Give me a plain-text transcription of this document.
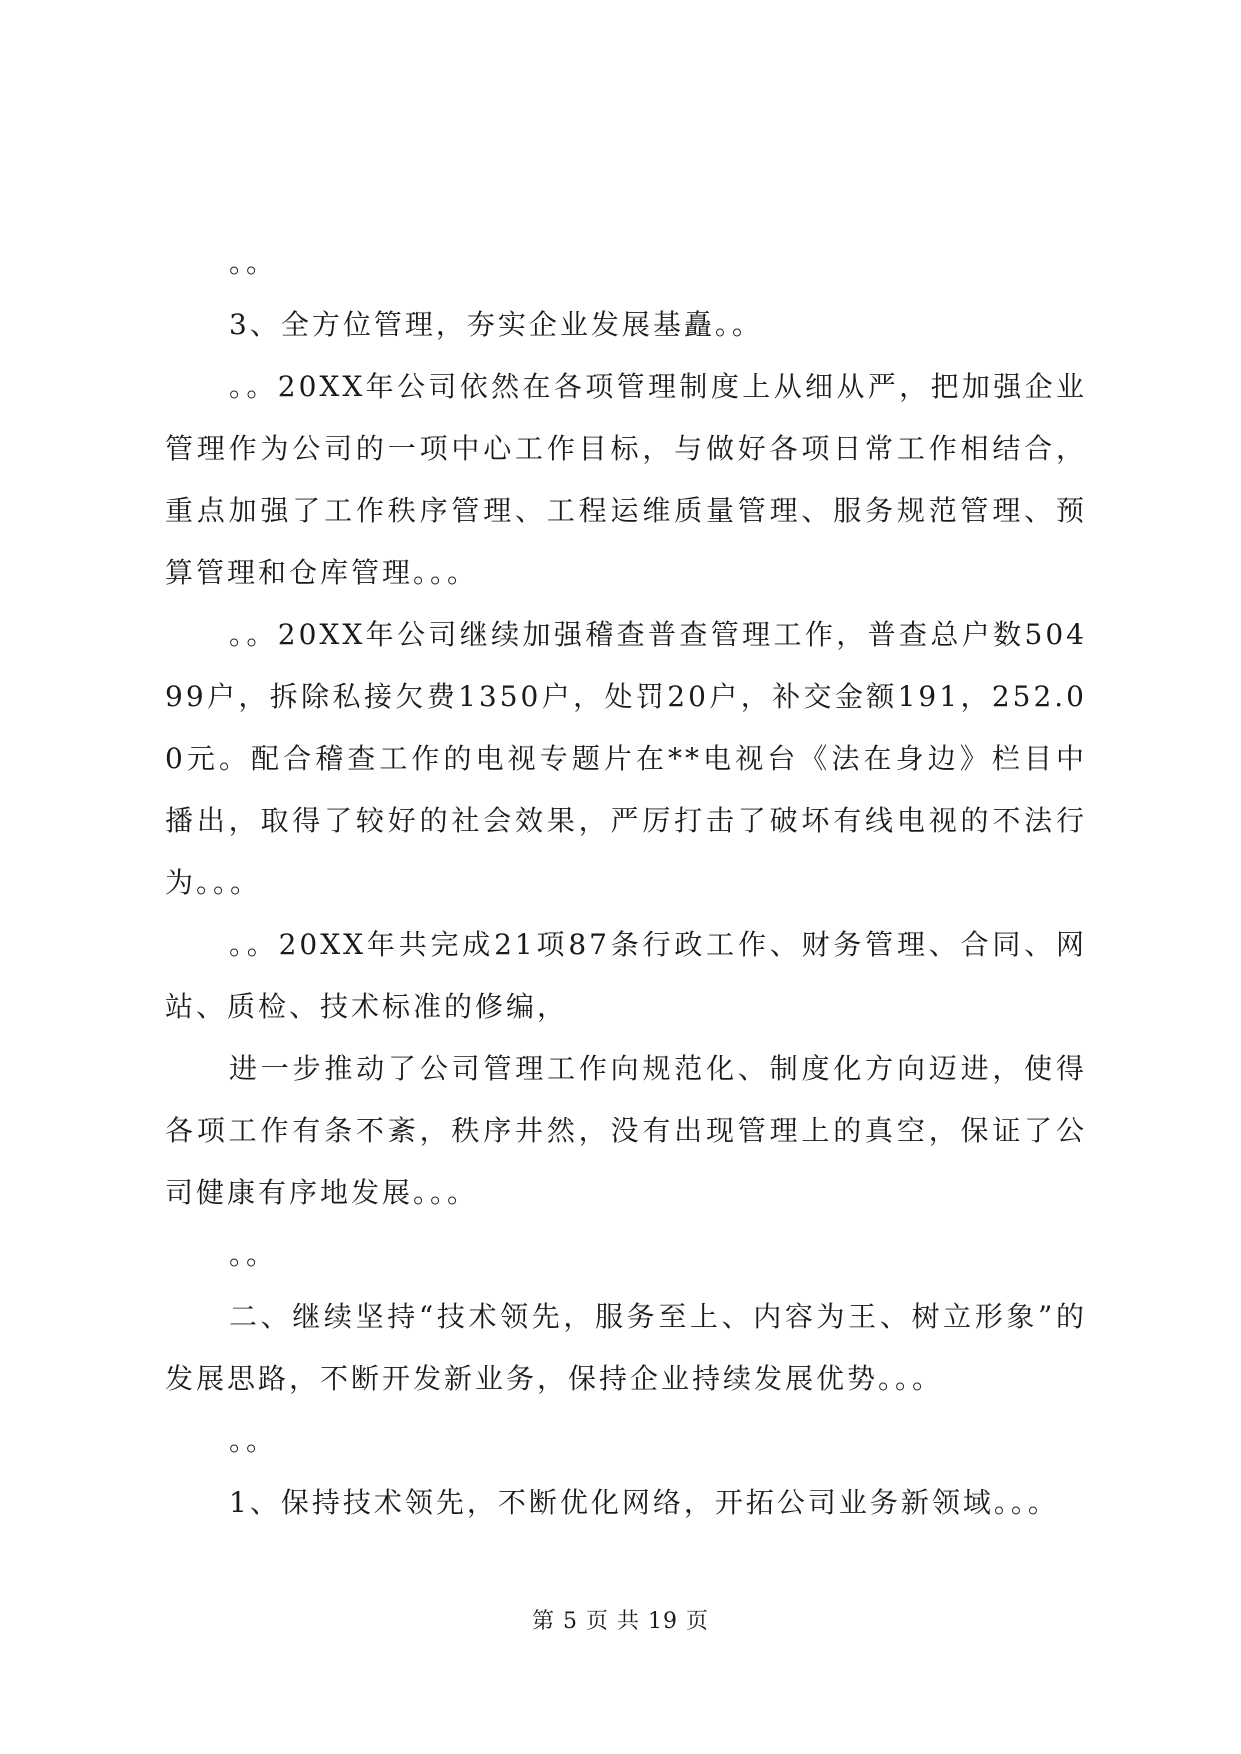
。。

3、全方位管理，夯实企业发展基矗。。

。。20XX年公司依然在各项管理制度上从细从严，把加强企业管理作为公司的一项中心工作目标，与做好各项日常工作相结合，重点加强了工作秩序管理、工程运维质量管理、服务规范管理、预算管理和仓库管理。。。

。。20XX年公司继续加强稽查普查管理工作，普查总户数50499户，拆除私接欠费1350户，处罚20户，补交金额191，252.00元。配合稽查工作的电视专题片在**电视台《法在身边》栏目中播出，取得了较好的社会效果，严厉打击了破坏有线电视的不法行为。。。

。。20XX年共完成21项87条行政工作、财务管理、合同、网站、质检、技术标准的修编，

进一步推动了公司管理工作向规范化、制度化方向迈进，使得各项工作有条不紊，秩序井然，没有出现管理上的真空，保证了公司健康有序地发展。。。

。。

二、继续坚持“技术领先，服务至上、内容为王、树立形象”的发展思路，不断开发新业务，保持企业持续发展优势。。。

。。

1、保持技术领先，不断优化网络，开拓公司业务新领域。。。

第 5 页 共 19 页
